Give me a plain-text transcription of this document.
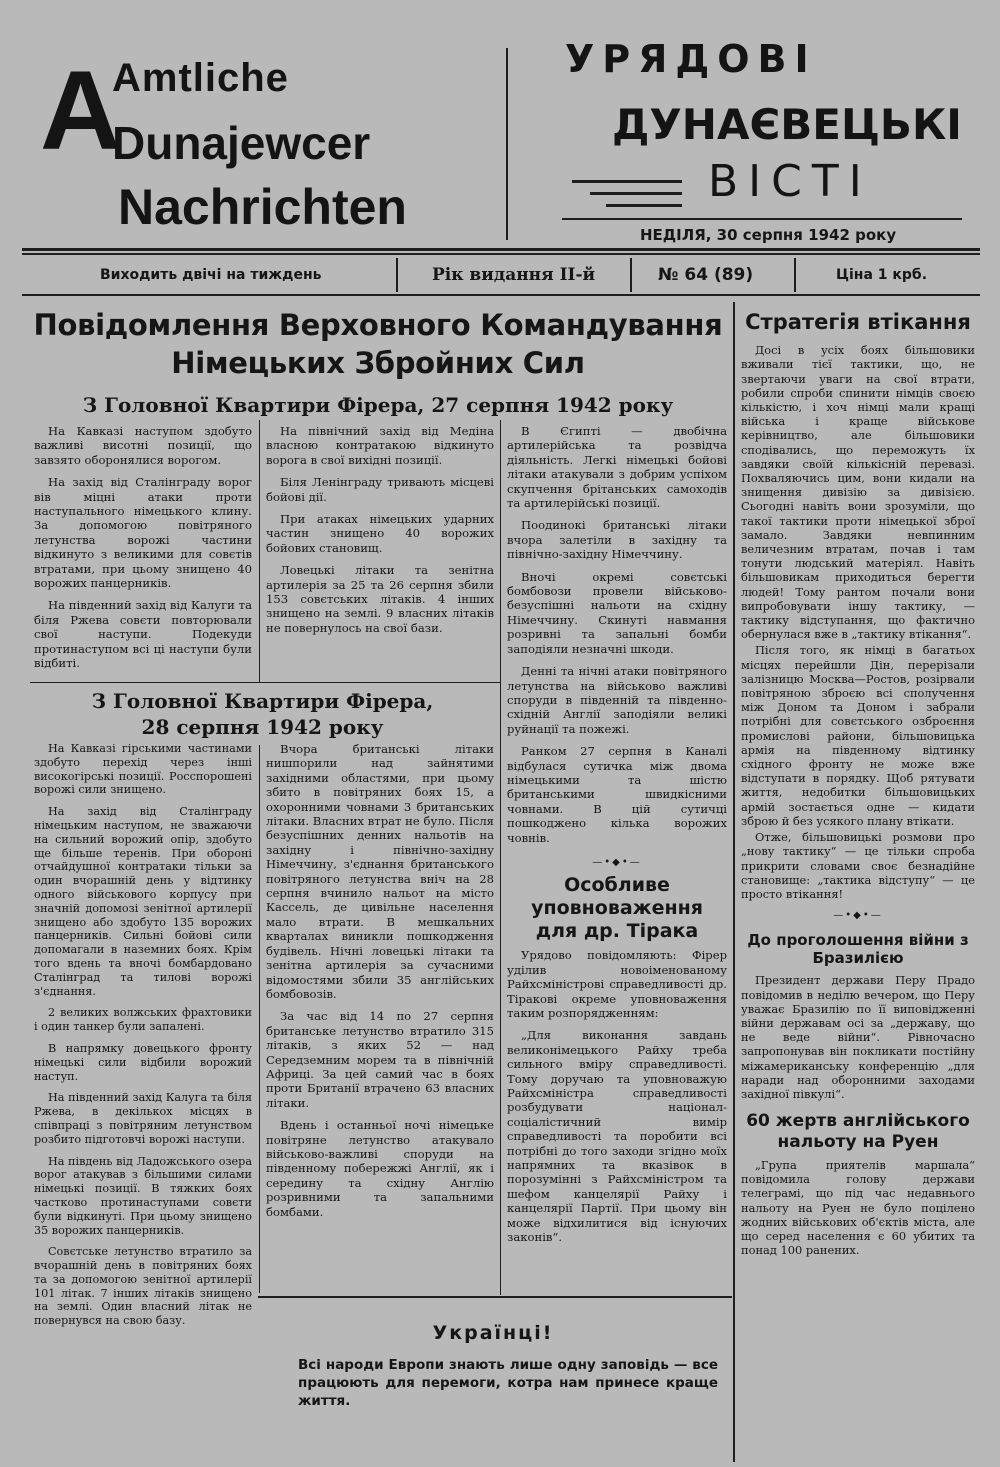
A
Amtliche
Dunajewcer
Nachrichten
УРЯДОВІ
ДУНАЄВЕЦЬКІ
ВІСТІ
НЕДІЛЯ, 30 серпня 1942 року
Виходить двічі на тиждень	Рік видання II-й	№ 64 (89)	Ціна 1 крб.
Повідомлення Верховного Командування
Німецьких Збройних Сил
З Головної Квартири Фірера, 27 серпня 1942 року

На Кавказі наступом здобуто важливі висотні позиції, що завзято оборонялися ворогом.

На захід від Сталінграду ворог вів міцні атаки проти наступального німецького клину. За допомогою повітряного летунства ворожі частини відкинуто з великими для совєтів втратами, при цьому знищено 40 ворожих панцерників.

На південний захід від Калуги та біля Ржева совєти повторювали свої наступи. Подекуди протинаступом всі ці наступи були відбиті.

На північний захід від Медіна власною контратакою відкинуто ворога в свої вихідні позиції.

Біля Ленінграду тривають місцеві бойові дії.

При атаках німецьких ударних частин знищено 40 ворожих бойових становищ.

Ловецькі літаки та зенітна артилерія за 25 та 26 серпня збили 153 совєтських літаків. 4 інших знищено на землі. 9 власних літаків не повернулось на свої бази.

В Єгипті — двобічна артилерійська та розвідча діяльність. Легкі німецькі бойові літаки атакували з добрим успіхом скупчення брітанських самоходів та артилерійські позиції.

Поодинокі британські літаки вчора залетіли в західну та північно-західну Німеччину.

Вночі окремі совєтські бомбовози провели військово-безуспішні нальоти на східну Німеччину. Скинуті навмання розривні та запальні бомби заподіяли незначні шкоди.

Денні та нічні атаки повітряного летунства на військово важливі споруди в південній та південно-східній Англії заподіяли великі руйнації та пожежі.

Ранком 27 серпня в Каналі відбулася сутичка між двома німецькими та шістю британськими швидкісними човнами. В цій сутичці пошкоджено кілька ворожих човнів.

З Головної Квартири Фірера,
28 серпня 1942 року

На Кавказі гірськими частинами здобуто перехід через інші високогірські позиції. Росспорошені ворожі сили знищено.

На захід від Сталінграду німецьким наступом, не зважаючи на сильний ворожий опір, здобуто ще більше теренів. При обороні отчайдушної контратаки тільки за один вчорашній день у відтинку одного військового корпусу при значній допомозі зенітної артилерії знищено або здобуто 135 ворожих панцерників. Сильні бойові сили допомагали в наземних боях. Крім того вдень та вночі бомбардовано Сталінград та тилові ворожі з'єднання.

2 великих волжських фрахтовики і один танкер були запалені.

В напрямку довецького фронту німецькі сили відбили ворожий наступ.

На південний захід Калуга та біля Ржева, в декількох місцях в співпраці з повітряним летунством розбито підготовчі ворожі наступи.

На південь від Ладожського озера ворог атакував з більшими силами німецькі позиції. В тяжких боях частково протинаступами совєти були відкинуті. При цьому знищено 35 ворожих панцерників.

Совєтське летунство втратило за вчорашній день в повітряних боях та за допомогою зенітної артилерії 101 літак. 7 інших літаків знищено на землі. Один власний літак не повернувся на свою базу.

Вчора британські літаки нишпорили над зайнятими західними областями, при цьому збито в повітряних боях 15, а охоронними човнами 3 британських літаки. Власних втрат не було. Після безуспішних денних нальотів на західну і північно-західну Німеччину, з'єднання британського повітряного летунства вніч на 28 серпня вчинило нальот на місто Кассель, де цивільне населення мало втрати. В мешкальних кварталах виникли пошкодження будівель. Нічні ловецькі літаки та зенітна артилерія за сучасними відомостями збили 35 англійських бомбовозів.

За час від 14 по 27 серпня британське летунство втратило 315 літаків, з яких 52 — над Середземним морем та в північній Африці. За цей самий час в боях проти Британії втрачено 63 власних літаки.

Вдень і останньої ночі німецьке повітряне летунство атакувало військово-важливі споруди на південному побережжі Англії, як і середину та східну Англію розривними та запальними бомбами.

—•◆•—
Особливе уповноваження
для др. Тірака

Урядово повідомляють: Фірер уділив новоіменованому Райхсміністрові справедливості др. Тіракові окреме уповноваження таким розпорядженням:

„Для виконання завдань великонімецького Райху треба сильного вміру справедливості. Тому доручаю та уповноважую Райхсміністра справедливості розбудувати націонал-соціалістичний вимір справедливості та поробити всі потрібні до того заходи згідно моїх напрямних та вказівок в порозумінні з Райхсміністром та шефом канцелярії Райху і канцелярії Партії. При цьому він може відхилитися від існуючих законів“.

Українці!
Всі народи Европи знають лише одну заповідь — все працюють для перемоги, котра нам принесе краще життя.
Стратегія втікання

Досі в усіх боях більшовики вживали тієї тактики, що, не звертаючи уваги на свої втрати, робили спроби спинити німців своєю кількістю, і хоч німці мали кращі війська і краще військове керівництво, але більшовики сподівались, що переможуть їх завдяки своїй кількісній перевазі. Похваляючись цим, вони кидали на знищення дивізію за дивізією. Сьогодні навіть вони зрозуміли, що такої тактики проти німецької зброї замало. Завдяки невпинним величезним втратам, почав і там тонути людський матеріял. Навіть більшовикам приходиться берегти людей! Тому рантом почали вони випробовувати іншу тактику, — тактику відступання, що фактично обернулася вже в „тактику втікання“.

Після того, як німці в багатьох місцях перейшли Дін, перерізали залізницю Москва—Ростов, розірвали повітряною зброєю всі сполучення між Доном та Доном і забрали потрібні для совєтського озброєння промислові райони, більшовицька армія на південному відтинку східного фронту не може вже відступати в порядку. Щоб рятувати життя, недобитки більшовицьких армій зостається одне — кидати зброю й без усякого плану втікати.

Отже, більшовицькі розмови про „нову тактику“ — це тільки спроба прикрити словами своє безнадійне становище: „тактика відступу“ — це просто втікання!

—•◆•—
До проголошення війни з
Бразилією

Президент держави Перу Прадо повідомив в неділю вечером, що Перу уважає Бразилію по її виповідженні війни державам осі за „державу, що не веде війни“. Рівночасно запропонував він покликати постійну міжамериканську конференцію „для наради над оборонними заходами західної півкулі“.

60 жертв англійського
нальоту на Руен

„Група приятелів маршала“ повідомила голову держави телеграмі, що під час недавнього нальоту на Руен не було поцілено жодних військових об'єктів міста, але що серед населення є 60 убитих та понад 100 ранених.
